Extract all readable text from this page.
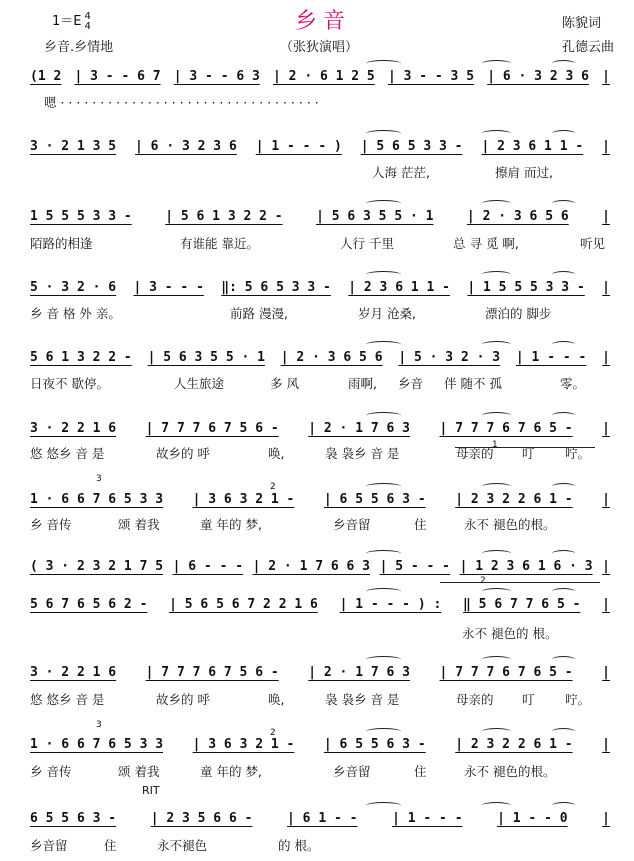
1＝E 4
4	乡音	陈貌词
乡音.乡情地	（张狄演唱）	孔德云曲
(1 2 | 3 - - 6 7 | 3 - - 6 3 | 2 · 6 1 2 5 | 3 - - 3 5 | 6 · 3 2 3 6 |
嗯 · · · · · · · · · · · · · · · · · · · · · · · · · · · · · · · · ·
3 · 2 1 3 5 | 6 · 3 2 3 6 | 1 - - - ) | 5 6 5 3 3 - | 2 3 6 1 1 - |
人海 茫茫,	擦肩 而过,
1 5 5 5 3 3 -	| 5 6 1 3 2 2 -	| 5 6 3 5 5 · 1	| 2 · 3 6 5 6	|
陌路的相逢	有谁能 靠近。	人行 千里	总 寻 觅 啊,	听见
5 · 3 2 · 6 | 3 - - - ‖: 5 6 5 3 3 - | 2 3 6 1 1 - | 1 5 5 5 3 3 - |
乡 音 格 外 亲。	前路 漫漫,	岁月 沧桑,	漂泊的 脚步
5 6 1 3 2 2 - | 5 6 3 5 5 · 1 | 2 · 3 6 5 6 | 5 · 3 2 · 3 | 1 - - - |
日夜不 歇停。	人生旅途	多 风	雨啊, 乡音 伴 随不 孤	零。
3 · 2 2 1 6 | 7 7 7 6 7 5 6 - | 2 · 1 7 6 3 | 7 7 7 6 7 6 5 - |
悠 悠乡 音 是	故乡的 呼	唤,	袅 袅乡 音 是	母亲的 叮 咛。
1 · 6 6 7 6 5 3 3 | 3 6 3 2 1 - | 6 5 5 6 3 - | 2 3 2 2 6 1 - |
乡 音传	颂 着我	童 年的 梦,	乡音留	住	永不 褪色的根。
( 3 · 2 3 2 1 7 5 | 6 - - - | 2 · 1 7 6 6 3 | 5 - - - | 1 2 3 6 1 6 · 3 |
5 6 7 6 5 6 2 - | 5 6 5 6 7 2 2 1 6 | 1 - - - ) : ‖ 5 6 7 7 6 5 - |
永不 褪色的 根。
3 · 2 2 1 6 | 7 7 7 6 7 5 6 - | 2 · 1 7 6 3 | 7 7 7 6 7 6 5 - |
悠 悠乡 音 是	故乡的 呼	唤,	袅 袅乡 音 是	母亲的 叮 咛。
1 · 6 6 7 6 5 3 3 | 3 6 3 2 1 - | 6 5 5 6 3 - | 2 3 2 2 6 1 - |
乡 音传	颂 着我	童 年的 梦,	乡音留	住	永不 褪色的根。
6 5 5 6 3 -	| 2 3 5 6 6 -	| 6 1 - -	| 1 - - -	| 1 - - 0	|
乡音留	住	永不褪色	的 根。
3
2
1
2
3
2
RIT
